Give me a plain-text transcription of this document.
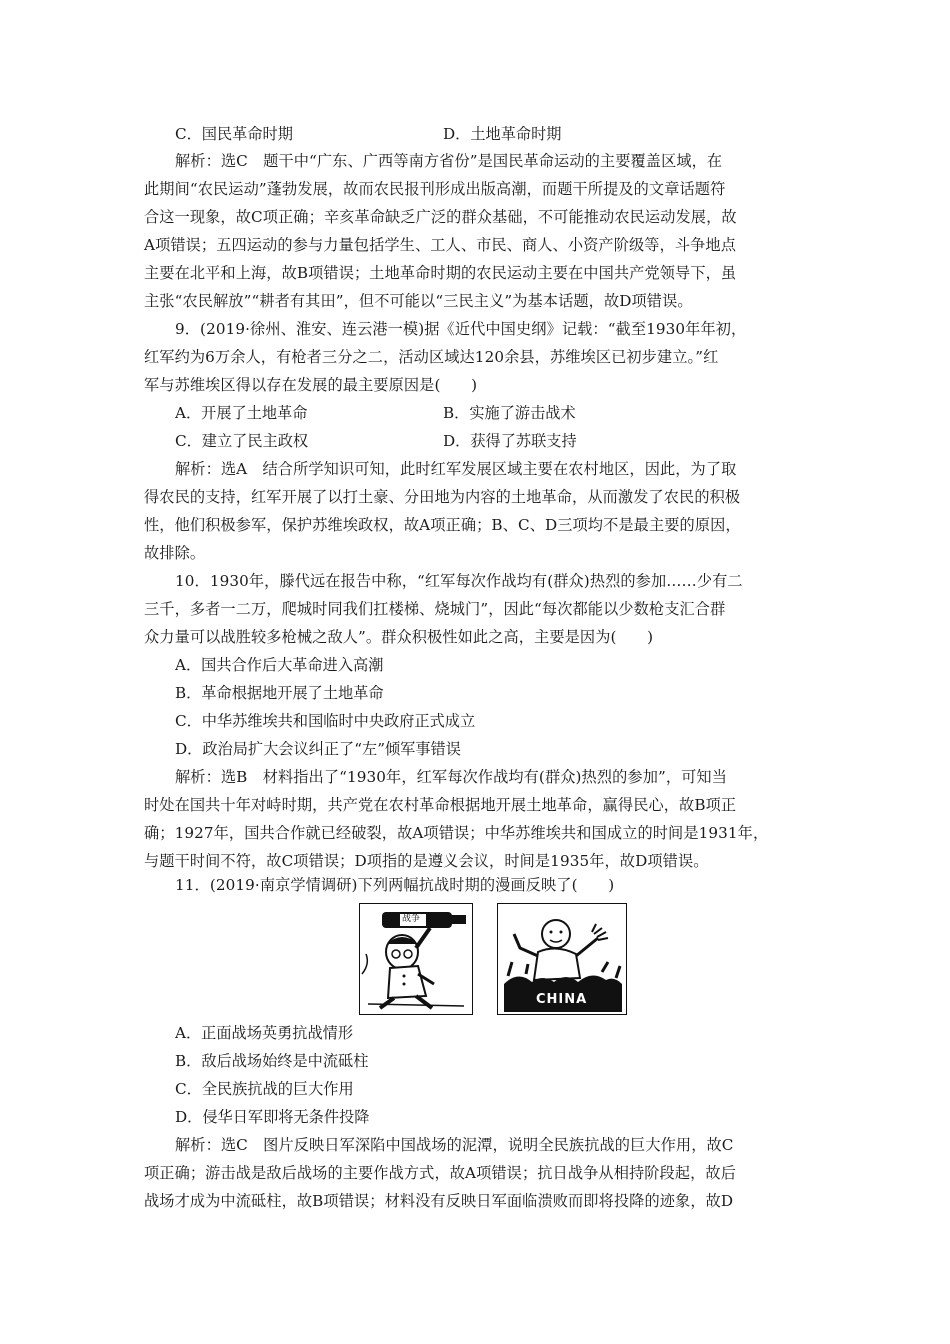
C．国民革命时期	D．土地革命时期
解析：选C　题干中“广东、广西等南方省份”是国民革命运动的主要覆盖区域，在
此期间“农民运动”蓬勃发展，故而农民报刊形成出版高潮，而题干所提及的文章话题符
合这一现象，故C项正确；辛亥革命缺乏广泛的群众基础，不可能推动农民运动发展，故
A项错误；五四运动的参与力量包括学生、工人、市民、商人、小资产阶级等，斗争地点
主要在北平和上海，故B项错误；土地革命时期的农民运动主要在中国共产党领导下，虽
主张“农民解放”“耕者有其田”，但不可能以“三民主义”为基本话题，故D项错误。
9．(2019·徐州、淮安、连云港一模)据《近代中国史纲》记载：“截至1930年年初，
红军约为6万余人，有枪者三分之二，活动区域达120余县，苏维埃区已初步建立。”红
军与苏维埃区得以存在发展的最主要原因是(　　)
A．开展了土地革命	B．实施了游击战术
C．建立了民主政权	D．获得了苏联支持
解析：选A　结合所学知识可知，此时红军发展区域主要在农村地区，因此，为了取
得农民的支持，红军开展了以打土豪、分田地为内容的土地革命，从而激发了农民的积极
性，他们积极参军，保护苏维埃政权，故A项正确；B、C、D三项均不是最主要的原因，
故排除。
10．1930年，滕代远在报告中称，“红军每次作战均有(群众)热烈的参加……少有二
三千，多者一二万，爬城时同我们扛楼梯、烧城门”，因此“每次都能以少数枪支汇合群
众力量可以战胜较多枪械之敌人”。群众积极性如此之高，主要是因为(　　)
A．国共合作后大革命进入高潮
B．革命根据地开展了土地革命
C．中华苏维埃共和国临时中央政府正式成立
D．政治局扩大会议纠正了“左”倾军事错误
解析：选B　材料指出了“1930年，红军每次作战均有(群众)热烈的参加”，可知当
时处在国共十年对峙时期，共产党在农村革命根据地开展土地革命，赢得民心，故B项正
确；1927年，国共合作就已经破裂，故A项错误；中华苏维埃共和国成立的时间是1931年，
与题干时间不符，故C项错误；D项指的是遵义会议，时间是1935年，故D项错误。
11．(2019·南京学情调研)下列两幅抗战时期的漫画反映了(　　)
战争
CHINA
A．正面战场英勇抗战情形
B．敌后战场始终是中流砥柱
C．全民族抗战的巨大作用
D．侵华日军即将无条件投降
解析：选C　图片反映日军深陷中国战场的泥潭，说明全民族抗战的巨大作用，故C
项正确；游击战是敌后战场的主要作战方式，故A项错误；抗日战争从相持阶段起，故后
战场才成为中流砥柱，故B项错误；材料没有反映日军面临溃败而即将投降的迹象，故D
